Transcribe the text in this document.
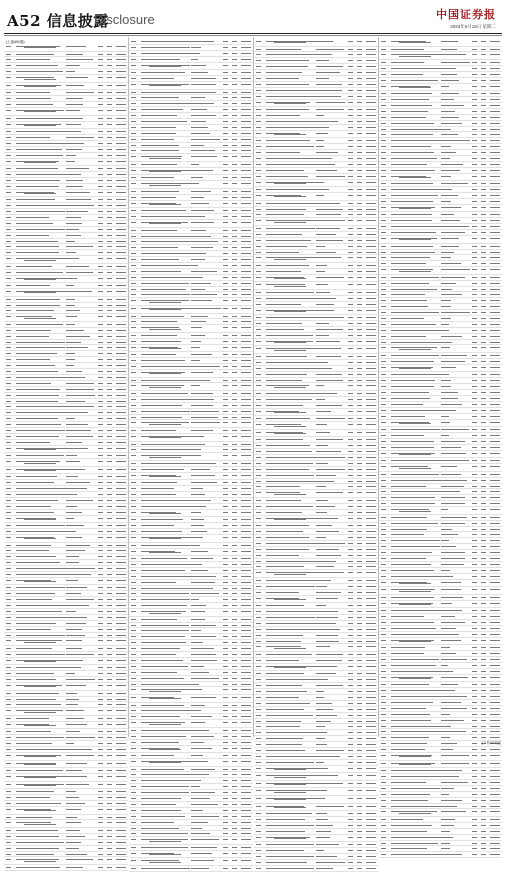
A52 信息披露
Disclosure	中国证券报
2023年5月18日 星期二
(上接A51版)
(下转A53版)
